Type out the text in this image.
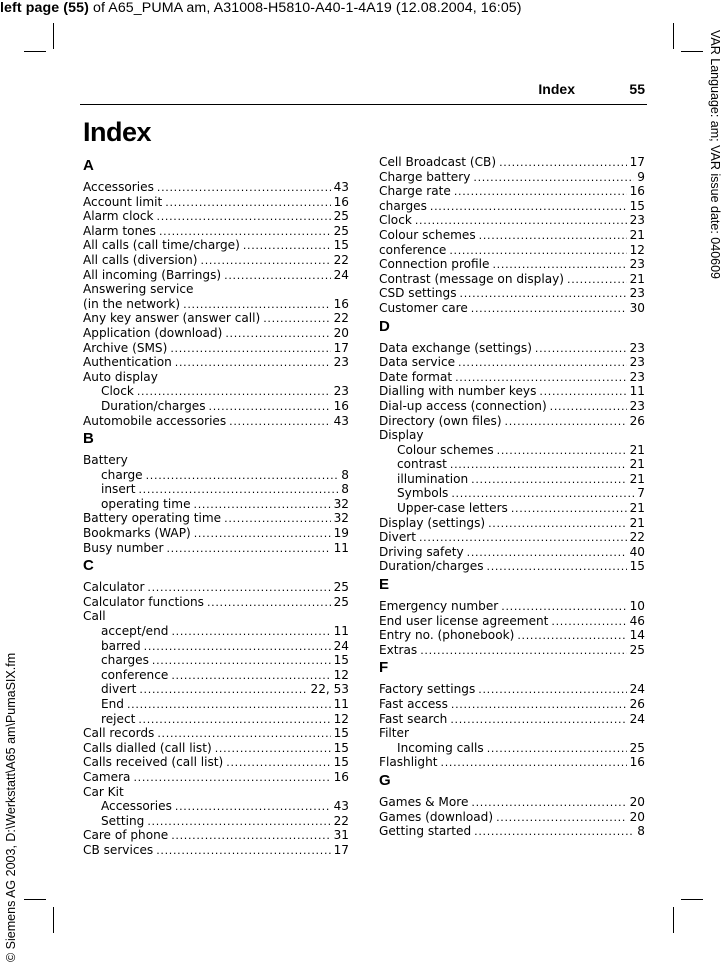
left page (55) of A65_PUMA am, A31008-H5810-A40-1-4A19 (12.08.2004, 16:05)
VAR Language: am; VAR issue date: 040609
© Siemens AG 2003, D:\Werkstatt\A65 am\PumaSIX.fm
Index	55
Index
A
Accessories . . .	43
Account limit . . .	16
Alarm clock . . .	25
Alarm tones . . .	25
All calls (call time/charge) . . .	15
All calls (diversion) . . .	22
All incoming (Barrings) . . .	24
Answering service
(in the network) . . .	16
Any key answer (answer call) . . .	22
Application (download) . . .	20
Archive (SMS) . . .	17
Authentication . . .	23
Auto display
Clock . . .	23
Duration/charges . . .	16
Automobile accessories . . .	43
B
Battery
charge . . .	8
insert . . .	8
operating time . . .	32
Battery operating time . . .	32
Bookmarks (WAP) . . .	19
Busy number . . .	11
C
Calculator . . .	25
Calculator functions . . .	25
Call
accept/end . . .	11
barred . . .	24
charges . . .	15
conference . . .	12
divert . . .	22, 53
End . . .	11
reject . . .	12
Call records . . .	15
Calls dialled (call list) . . .	15
Calls received (call list) . . .	15
Camera . . .	16
Car Kit
Accessories . . .	43
Setting . . .	22
Care of phone . . .	31
CB services . . .	17
Cell Broadcast (CB) . . .	17
Charge battery . . .	9
Charge rate . . .	16
charges . . .	15
Clock . . .	23
Colour schemes . . .	21
conference . . .	12
Connection profile . . .	23
Contrast (message on display) . . .	21
CSD settings . . .	23
Customer care . . .	30
D
Data exchange (settings) . . .	23
Data service . . .	23
Date format . . .	23
Dialling with number keys . . .	11
Dial-up access (connection) . . .	23
Directory (own files) . . .	26
Display
Colour schemes . . .	21
contrast . . .	21
illumination . . .	21
Symbols . . .	7
Upper-case letters . . .	21
Display (settings) . . .	21
Divert . . .	22
Driving safety . . .	40
Duration/charges . . .	15
E
Emergency number . . .	10
End user license agreement . . .	46
Entry no. (phonebook) . . .	14
Extras . . .	25
F
Factory settings . . .	24
Fast access . . .	26
Fast search . . .	24
Filter
Incoming calls . . .	25
Flashlight . . .	16
G
Games & More . . .	20
Games (download) . . .	20
Getting started . . .	8
